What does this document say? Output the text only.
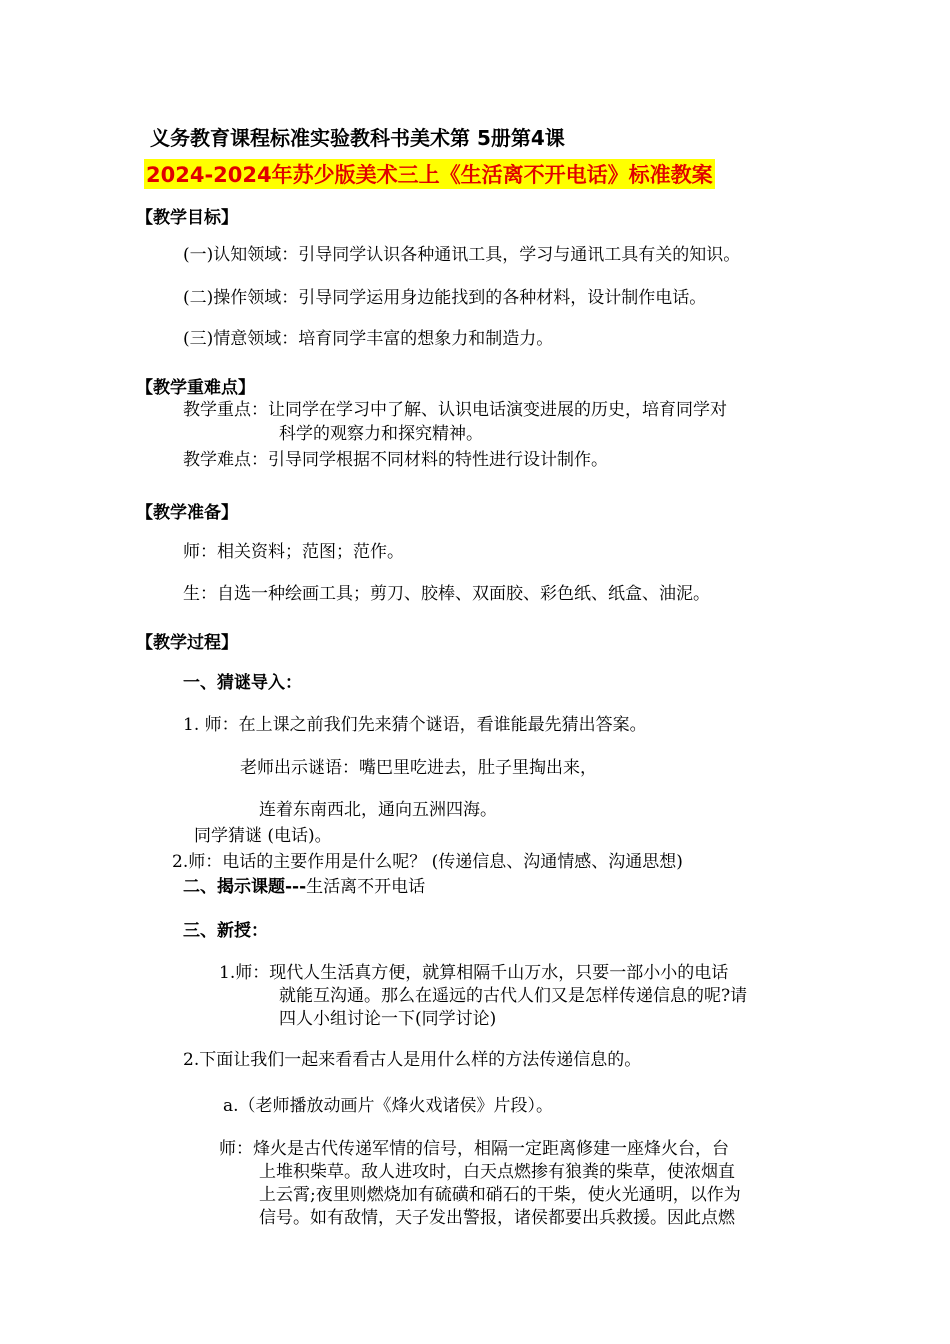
义务教育课程标准实验教科书美术第 5册第4课
2024-2024年苏少版美术三上《生活离不开电话》标准教案
【教学目标】
(一)认知领域：引导同学认识各种通讯工具，学习与通讯工具有关的知识。
(二)操作领域：引导同学运用身边能找到的各种材料，设计制作电话。
(三)情意领域：培育同学丰富的想象力和制造力。
【教学重难点】
教学重点：让同学在学习中了解、认识电话演变进展的历史，培育同学对
科学的观察力和探究精神。
教学难点：引导同学根据不同材料的特性进行设计制作。
【教学准备】
师：相关资料；范图；范作。
生：自选一种绘画工具；剪刀、胶棒、双面胶、彩色纸、纸盒、油泥。
【教学过程】
一、猜谜导入：
1. 师：在上课之前我们先来猜个谜语，看谁能最先猜出答案。
老师出示谜语：嘴巴里吃进去，肚子里掏出来，
连着东南西北，通向五洲四海。
同学猜谜 (电话)。
2.师：电话的主要作用是什么呢？ (传递信息、沟通情感、沟通思想)
二、揭示课题---生活离不开电话
三、新授：
1.师：现代人生活真方便，就算相隔千山万水，只要一部小小的电话
就能互沟通。那么在遥远的古代人们又是怎样传递信息的呢?请
四人小组讨论一下(同学讨论)
2.下面让我们一起来看看古人是用什么样的方法传递信息的。
a.（老师播放动画片《烽火戏诸侯》片段）。
师：烽火是古代传递军情的信号，相隔一定距离修建一座烽火台，台
上堆积柴草。敌人进攻时，白天点燃掺有狼粪的柴草，使浓烟直
上云霄;夜里则燃烧加有硫磺和硝石的干柴，使火光通明，以作为
信号。如有敌情，天子发出警报，诸侯都要出兵救援。因此点燃
